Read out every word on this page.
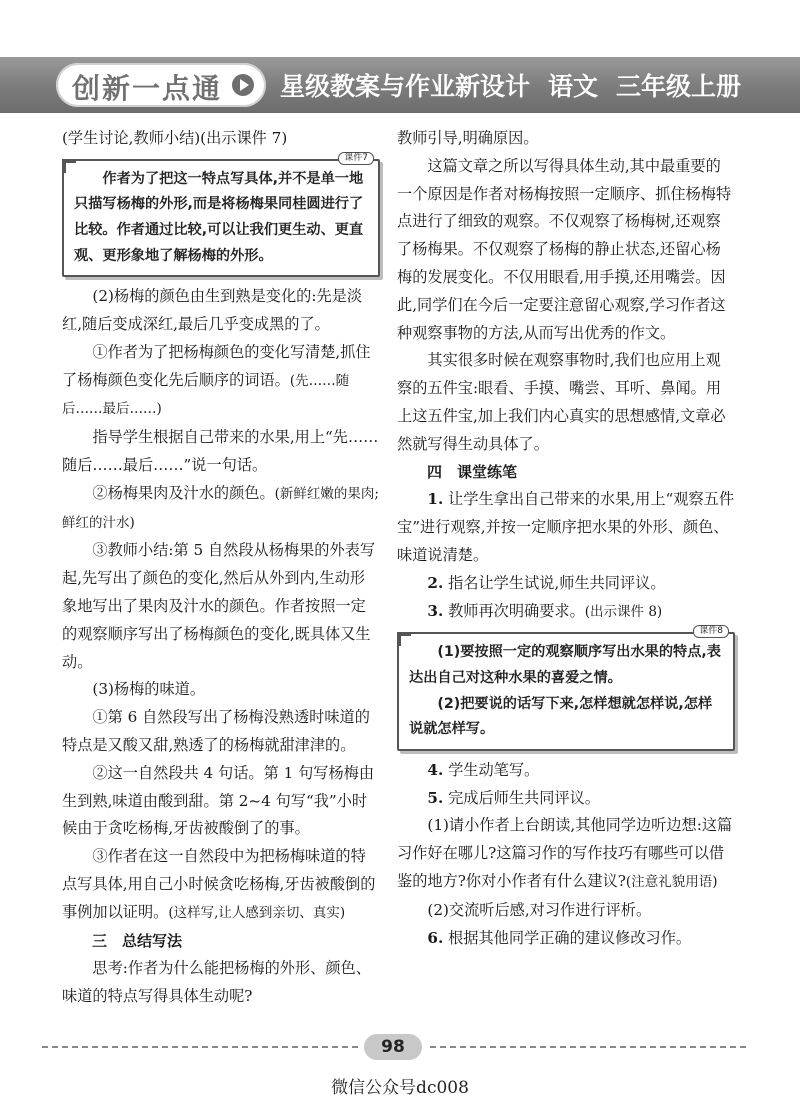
创新一点通 星级教案与作业新设计 语文 三年级上册

(学生讨论,教师小结)(出示课件 7)

课件7
作者为了把这一特点写具体,并不是单一地只描写杨梅的外形,而是将杨梅果同桂圆进行了比较。作者通过比较,可以让我们更生动、更直观、更形象地了解杨梅的外形。

(2)杨梅的颜色由生到熟是变化的:先是淡红,随后变成深红,最后几乎变成黑的了。

①作者为了把杨梅颜色的变化写清楚,抓住了杨梅颜色变化先后顺序的词语。(先……随后……最后……)

指导学生根据自己带来的水果,用上“先……随后……最后……”说一句话。

②杨梅果肉及汁水的颜色。(新鲜红嫩的果肉;鲜红的汁水)

③教师小结:第 5 自然段从杨梅果的外表写起,先写出了颜色的变化,然后从外到内,生动形象地写出了果肉及汁水的颜色。作者按照一定的观察顺序写出了杨梅颜色的变化,既具体又生动。

(3)杨梅的味道。

①第 6 自然段写出了杨梅没熟透时味道的特点是又酸又甜,熟透了的杨梅就甜津津的。

②这一自然段共 4 句话。第 1 句写杨梅由生到熟,味道由酸到甜。第 2~4 句写“我”小时候由于贪吃杨梅,牙齿被酸倒了的事。

③作者在这一自然段中为把杨梅味道的特点写具体,用自己小时候贪吃杨梅,牙齿被酸倒的事例加以证明。(这样写,让人感到亲切、真实)

三　总结写法

思考:作者为什么能把杨梅的外形、颜色、味道的特点写得具体生动呢?

教师引导,明确原因。

这篇文章之所以写得具体生动,其中最重要的一个原因是作者对杨梅按照一定顺序、抓住杨梅特点进行了细致的观察。不仅观察了杨梅树,还观察了杨梅果。不仅观察了杨梅的静止状态,还留心杨梅的发展变化。不仅用眼看,用手摸,还用嘴尝。因此,同学们在今后一定要注意留心观察,学习作者这种观察事物的方法,从而写出优秀的作文。

其实很多时候在观察事物时,我们也应用上观察的五件宝:眼看、手摸、嘴尝、耳听、鼻闻。用上这五件宝,加上我们内心真实的思想感情,文章必然就写得生动具体了。

四　课堂练笔

1. 让学生拿出自己带来的水果,用上“观察五件宝”进行观察,并按一定顺序把水果的外形、颜色、味道说清楚。

2. 指名让学生试说,师生共同评议。

3. 教师再次明确要求。(出示课件 8)

课件8

(1)要按照一定的观察顺序写出水果的特点,表达出自己对这种水果的喜爱之情。

(2)把要说的话写下来,怎样想就怎样说,怎样说就怎样写。

4. 学生动笔写。

5. 完成后师生共同评议。

(1)请小作者上台朗读,其他同学边听边想:这篇习作好在哪儿?这篇习作的写作技巧有哪些可以借鉴的地方?你对小作者有什么建议?(注意礼貌用语)

(2)交流听后感,对习作进行评析。

6. 根据其他同学正确的建议修改习作。

98
微信公众号dc008
